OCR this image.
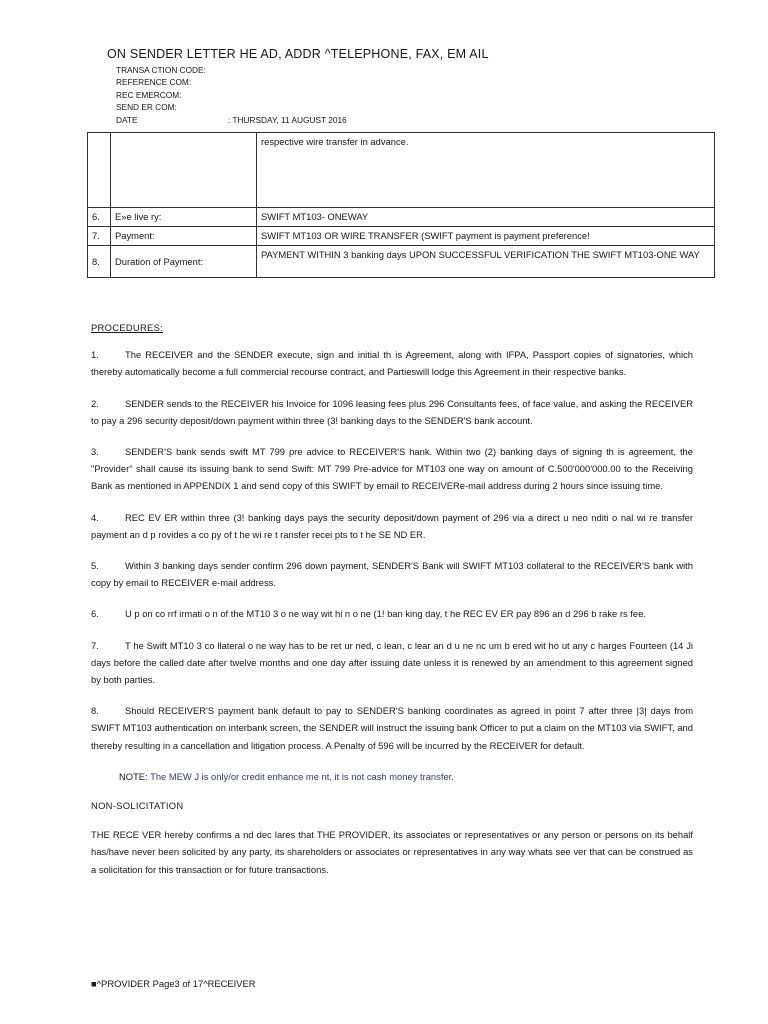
ON SENDER LETTER HE AD, ADDR ^TELEPHONE, FAX, EM AIL
TRANSA CTION CODE:
REFERENCE COM:
REC EMERCOM:
SEND ER COM:
DATE	: THURSDAY, 11 AUGUST 2016
		respective wire transfer in advance.
6.	E»e live ry:	SWIFT MT103- ONEWAY
7.	Payment:	SWIFT MT103 OR WIRE TRANSFER (SWIFT payment is payment preference!
8.	Duration of Payment:	PAYMENT WITHIN 3 banking days UPON SUCCESSFUL VERIFICATION THE SWIFT MT103-ONE WAY
PROCEDURES:
1.	The RECEIVER and the SENDER execute, sign and initial th is Agreement, along with IFPA, Passport copies of signatories, which thereby automatically become a full commercial recourse contract, and Partieswill lodge this Agreement in their respective banks.
2.	SENDER sends to the RECEIVER his Invoice for 1096 leasing fees plus 296 Consultants fees, of face value, and asking the RECEIVER to pay a 296 security deposit/down payment within three (3! banking days to the SENDER'S bank account.
3.	SENDER'S bank sends swift MT 799 pre advice to RECEIVER'S hank. Within two (2) banking days of signing th is agreement, the "Provider" shall cause its issuing bank to send Swift: MT 799 Pre-advice for MT103 one way on amount of C.500'000'000.00 to the Receiving Bank as mentioned in APPENDIX 1 and send copy of this SWIFT by email to RECEIVERe-mail address during 2 hours since issuing time.
4.	REC EV ER within three (3! banking days pays the security deposit/down payment of 296 via a direct u neo nditi o nal wi re transfer payment an d p rovides a co py of t he wi re t ransfer recei pts to t he SE ND ER.
5.	Within 3 banking days sender confirm 296 down payment, SENDER'S Bank will SWIFT MT103 collateral to the RECEIVER'S bank with copy by email to RECEIVER e-mail address.
6.	U p on co rrf irmati o n of the MT10 3 o ne way wit hi n o ne (1! ban king day, t he REC EV ER pay 896 an d 296 b rake rs fee.
7.	T he Swift MT10 3 co llateral o ne way has to be ret ur ned, c lean, c lear an d u ne nc um b ered wit ho ut any c harges Fourteen (14 Ji days before the called date after twelve months and one day after issuing date unless it is renewed by an amendment to this agreement signed by both parties.
8.	Should RECEIVER'S payment bank default to pay to SENDER'S banking coordinates as agreed in point 7 after three |3| days from SWIFT MT103 authentication on interbank screen, the SENDER will instruct the issuing bank Officer to put a claim on the MT103 via SWIFT, and thereby resulting in a cancellation and litigation process. A Penalty of 596 will be incurred by the RECEIVER for default.
NOTE: The MEW J is only/or credit enhance me nt, it is not cash money transfer.
NON-SOLICITATION
THE RECE VER hereby confirms a nd dec lares that THE PROVIDER, its associates or representatives or any person or persons on its behalf has/have never been solicited by any party, its shareholders or associates or representatives in any way whats see ver that can be construed as a solicitation for this transaction or for future transactions.
■^PROVIDER Page3 of 17^RECEIVER
